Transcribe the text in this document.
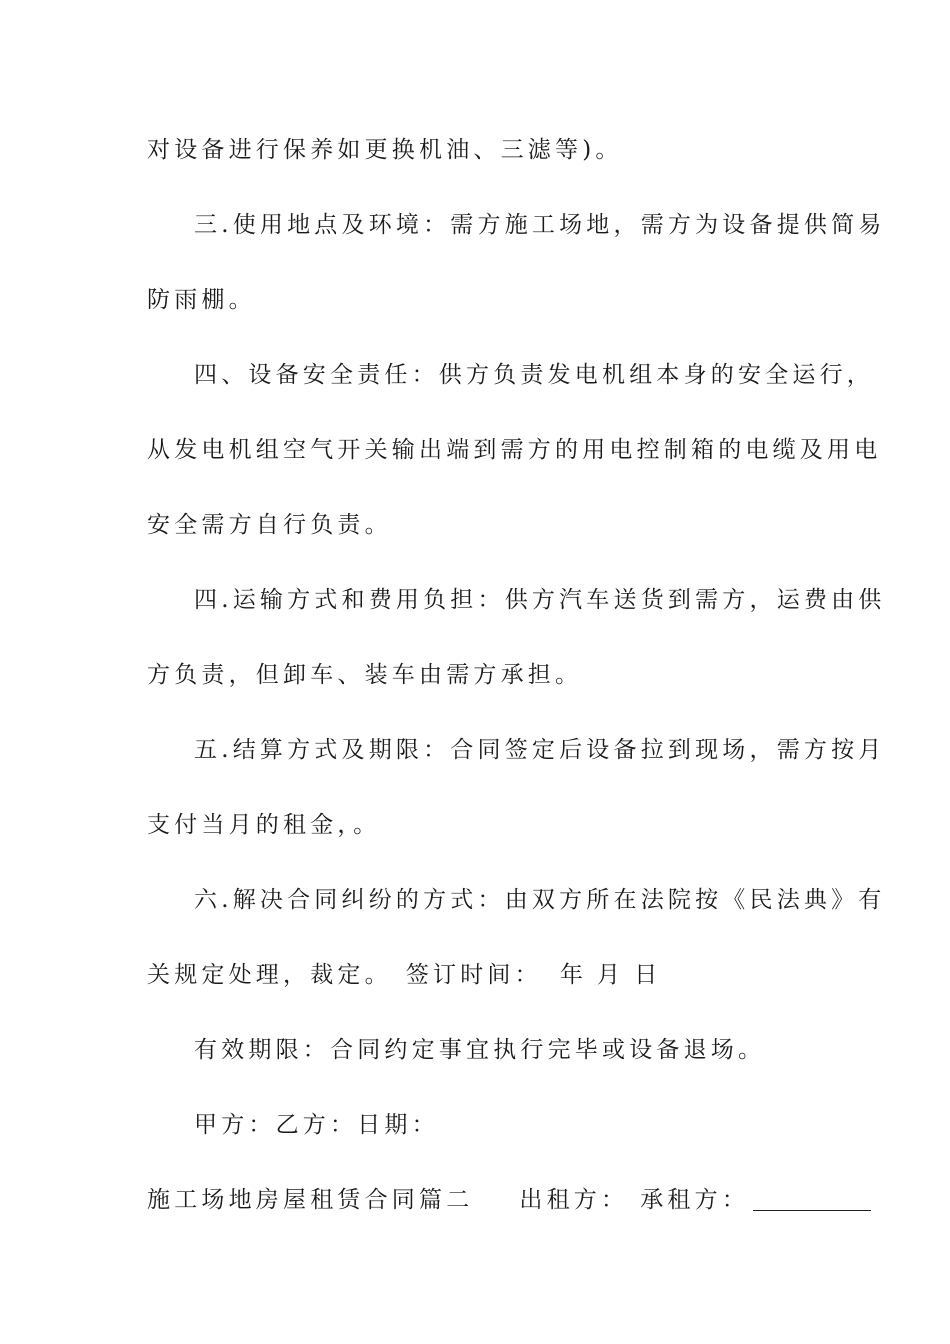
对设备进行保养如更换机油、三滤等)。
三.使用地点及环境：需方施工场地，需方为设备提供简易
防雨棚。
四、设备安全责任：供方负责发电机组本身的安全运行，
从发电机组空气开关输出端到需方的用电控制箱的电缆及用电
安全需方自行负责。
四.运输方式和费用负担：供方汽车送货到需方，运费由供
方负责，但卸车、装车由需方承担。
五.结算方式及期限：合同签定后设备拉到现场，需方按月
支付当月的租金，。
六.解决合同纠纷的方式：由双方所在法院按《民法典》有
关规定处理，裁定。 签订时间： 年 月 日
有效期限：合同约定事宜执行完毕或设备退场。
甲方：乙方：日期：
施工场地房屋租赁合同篇二 出租方： 承租方：
